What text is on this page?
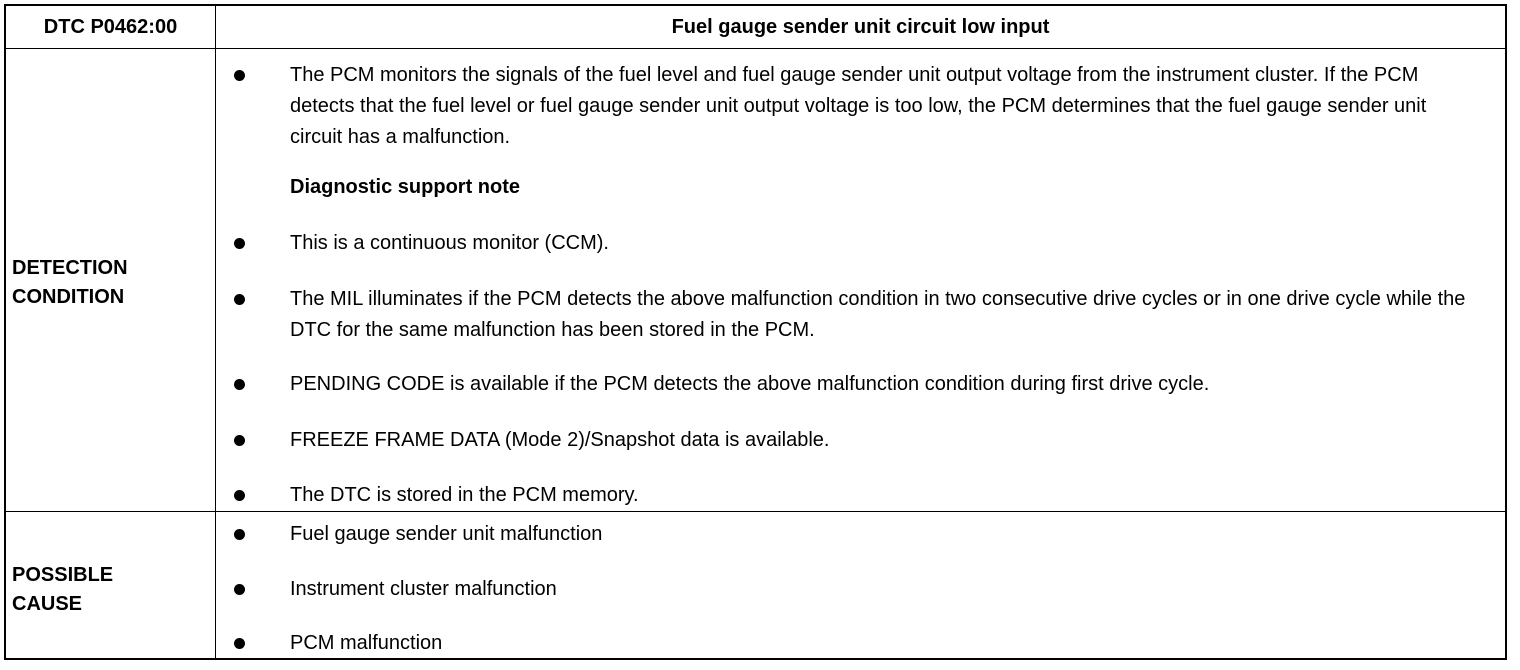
DTC P0462:00	Fuel gauge sender unit circuit low input
DETECTION
CONDITION

The PCM monitors the signals of the fuel level and fuel gauge sender unit output voltage from the instrument cluster. If the PCM detects that the fuel level or fuel gauge sender unit output voltage is too low, the PCM determines that the fuel gauge sender unit circuit has a malfunction.

Diagnostic support note

This is a continuous monitor (CCM).

The MIL illuminates if the PCM detects the above malfunction condition in two consecutive drive cycles or in one drive cycle while the DTC for the same malfunction has been stored in the PCM.

PENDING CODE is available if the PCM detects the above malfunction condition during first drive cycle.

FREEZE FRAME DATA (Mode 2)/Snapshot data is available.

The DTC is stored in the PCM memory.

POSSIBLE
CAUSE

Fuel gauge sender unit malfunction

Instrument cluster malfunction

PCM malfunction
